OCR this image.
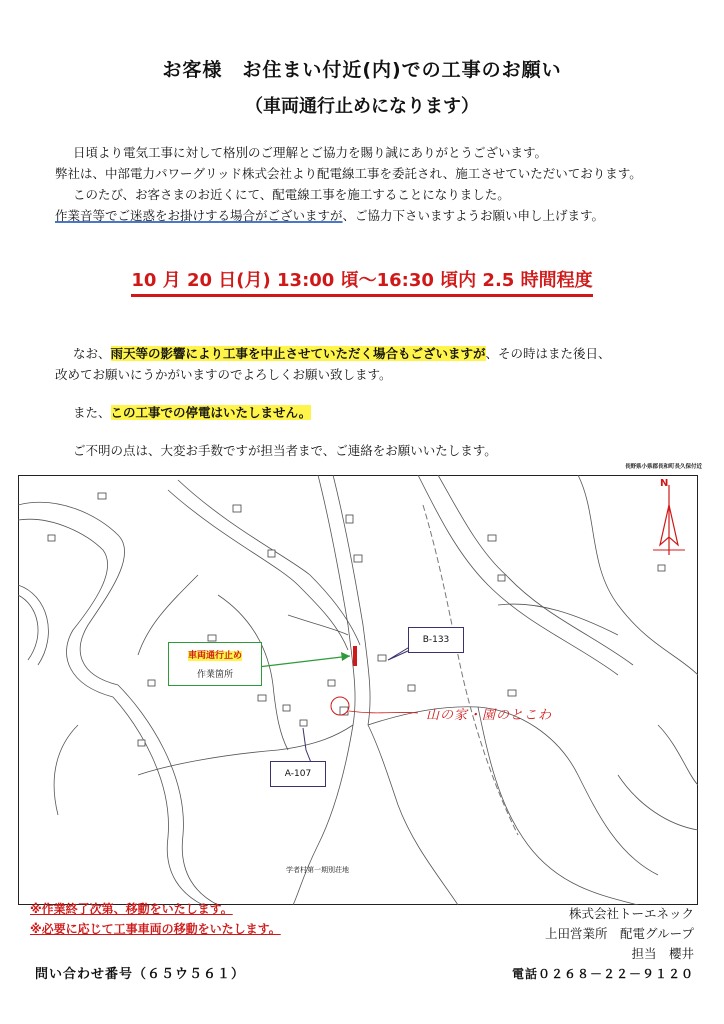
お客様　お住まい付近(内)での工事のお願い
（車両通行止めになります）

日頃より電気工事に対して格別のご理解とご協力を賜り誠にありがとうございます。

弊社は、中部電力パワーグリッド株式会社より配電線工事を委託され、施工させていただいております。

このたび、お客さまのお近くにて、配電線工事を施工することになりました。

作業音等でご迷惑をお掛けする場合がございますが、ご協力下さいますようお願い申し上げます。

10 月 20 日(月) 13:00 頃～16:30 頃内 2.5 時間程度

なお、雨天等の影響により工事を中止させていただく場合もございますが、その時はまた後日、

改めてお願いにうかがいますのでよろしくお願い致します。

また、この工事での停電はいたしません。

ご不明の点は、大変お手数ですが担当者まで、ご連絡をお願いいたします。

長野県小県郡長和町長久保付近
N
車両通行止め
作業箇所
B-133
A-107
学者村第一期別荘地
山の家・園のとこわ
※作業終了次第、移動をいたします。
※必要に応じて工事車両の移動をいたします。
株式会社トーエネック
上田営業所　配電グループ
担当　櫻井
問い合わせ番号（６５ウ５６１）	電話０２６８－２２－９１２０
